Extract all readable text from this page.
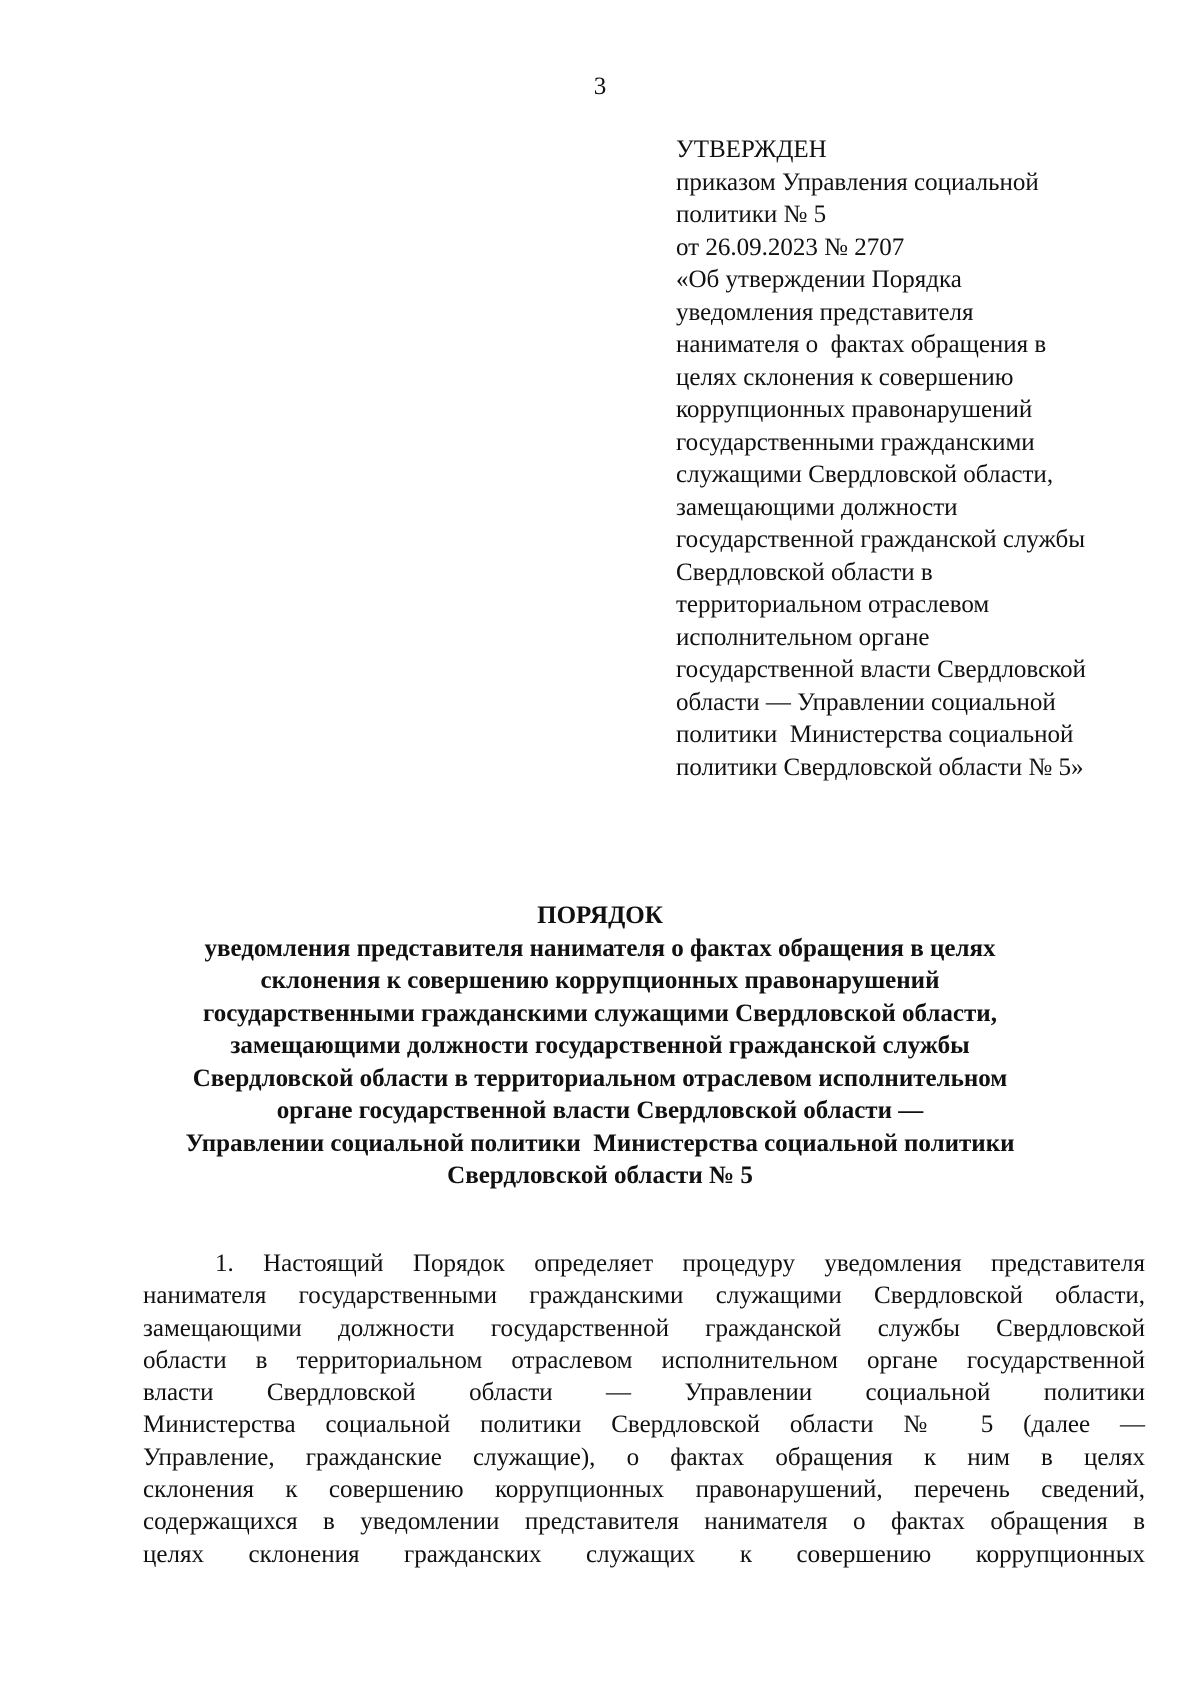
3
УТВЕРЖДЕН
приказом Управления социальной
политики № 5
от 26.09.2023 № 2707
«Об утверждении Порядка
уведомления представителя
нанимателя о  фактах обращения в
целях склонения к совершению
коррупционных правонарушений
государственными гражданскими
служащими Свердловской области,
замещающими должности
государственной гражданской службы
Свердловской области в
территориальном отраслевом
исполнительном органе
государственной власти Свердловской
области — Управлении социальной
политики  Министерства социальной
политики Свердловской области № 5»
ПОРЯДОК
уведомления представителя нанимателя о фактах обращения в целях
склонения к совершению коррупционных правонарушений
государственными гражданскими служащими Свердловской области,
замещающими должности государственной гражданской службы
Свердловской области в территориальном отраслевом исполнительном
органе государственной власти Свердловской области —
Управлении социальной политики  Министерства социальной политики
Свердловской области № 5
1. Настоящий Порядок определяет процедуру уведомления представителя
нанимателя государственными гражданскими служащими Свердловской области,
замещающими должности государственной гражданской службы Свердловской
области в территориальном отраслевом исполнительном органе государственной
власти Свердловской области — Управлении социальной политики
Министерства социальной политики Свердловской области № 5 (далее —
Управление, гражданские служащие), о фактах обращения к ним в целях
склонения к совершению коррупционных правонарушений, перечень сведений,
содержащихся в уведомлении представителя нанимателя о фактах обращения в
целях склонения гражданских служащих к совершению коррупционных
